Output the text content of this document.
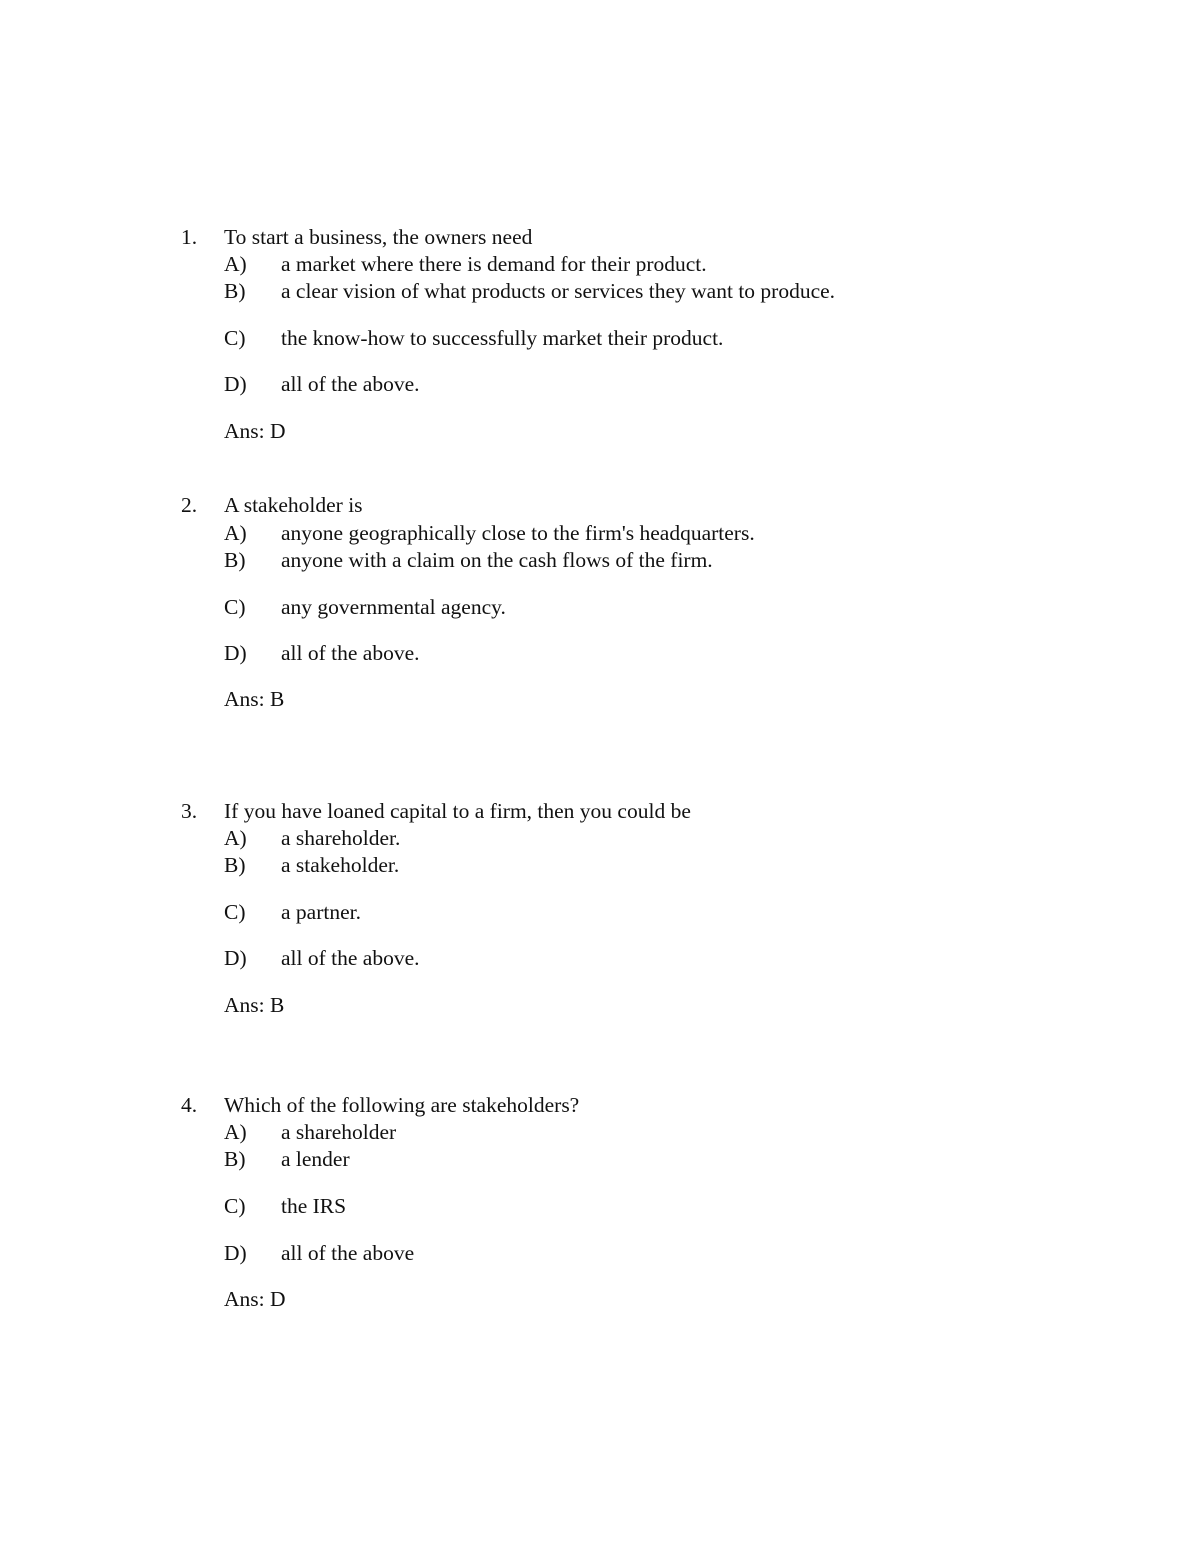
1. To start a business, the owners need
A) a market where there is demand for their product.
B) a clear vision of what products or services they want to produce.
C) the know-how to successfully market their product.
D) all of the above.
Ans: D
2. A stakeholder is
A) anyone geographically close to the firm's headquarters.
B) anyone with a claim on the cash flows of the firm.
C) any governmental agency.
D) all of the above.
Ans: B
3. If you have loaned capital to a firm, then you could be
A) a shareholder.
B) a stakeholder.
C) a partner.
D) all of the above.
Ans: B
4. Which of the following are stakeholders?
A) a shareholder
B) a lender
C) the IRS
D) all of the above
Ans: D
